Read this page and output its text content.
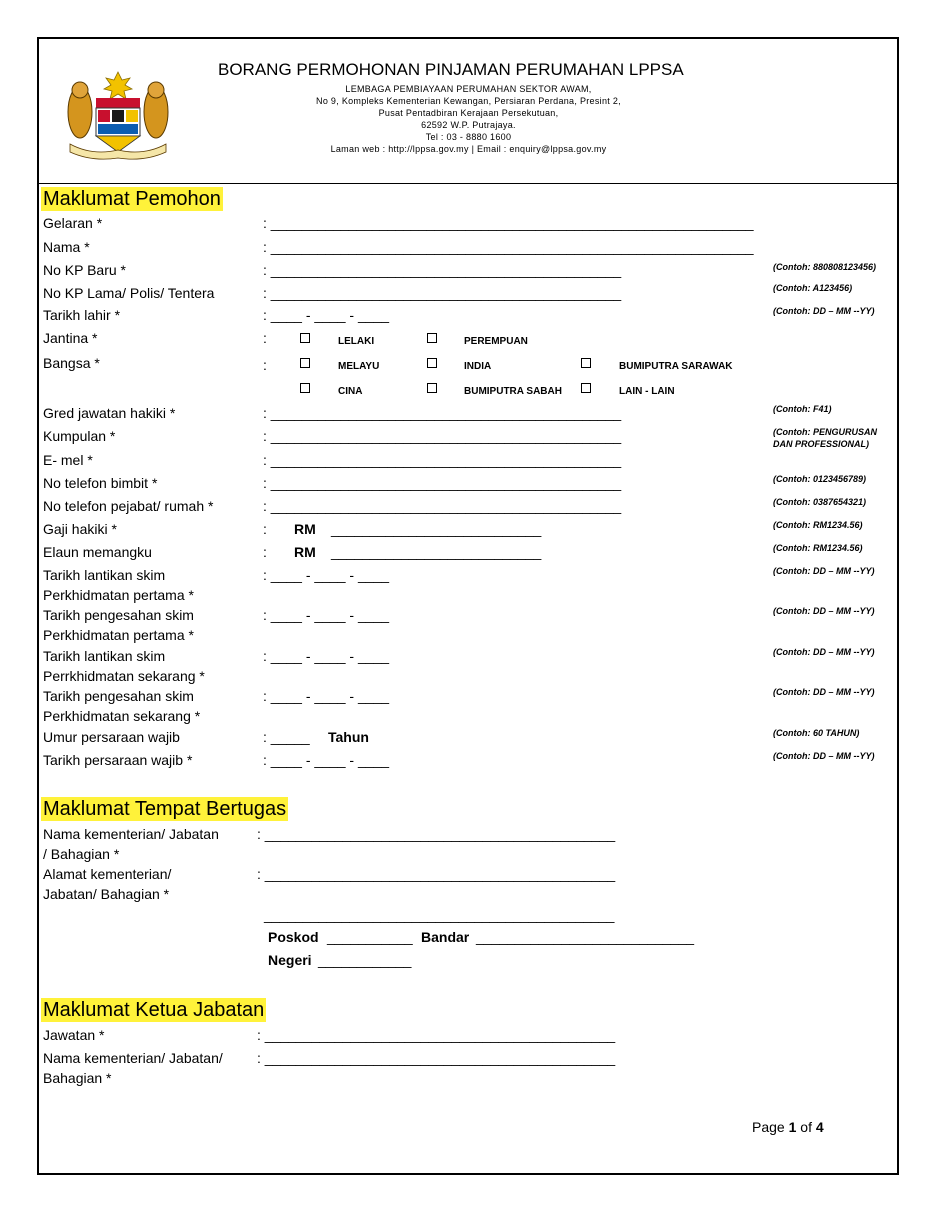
BORANG PERMOHONAN PINJAMAN PERUMAHAN LPPSA
LEMBAGA PEMBIAYAAN PERUMAHAN SEKTOR AWAM,
No 9, Kompleks Kementerian Kewangan, Persiaran Perdana, Presint 2,
Pusat Pentadbiran Kerajaan Persekutuan,
62592 W.P. Putrajaya.
Tel : 03 - 8880 1600
Laman web : http://lppsa.gov.my | Email : enquiry@lppsa.gov.my
Maklumat Pemohon
Gelaran *	: ______________________________________________________________
Nama *	: ______________________________________________________________
No KP Baru *	: _____________________________________________	(Contoh: 880808123456)
No KP Lama/ Polis/ Tentera	: _____________________________________________	(Contoh: A123456)
Tarikh lahir *	: ____ - ____ - ____	(Contoh: DD – MM --YY)
Jantina *	:	LELAKI	PEREMPUAN
Bangsa *	:	MELAYU	INDIA	BUMIPUTRA SARAWAK
CINA	BUMIPUTRA SABAH	LAIN - LAIN
Gred jawatan hakiki *	: _____________________________________________	(Contoh: F41)
Kumpulan *	: _____________________________________________	(Contoh: PENGURUSAN
DAN PROFESSIONAL)
E- mel *	: _____________________________________________
No telefon bimbit *	: _____________________________________________	(Contoh: 0123456789)
No telefon pejabat/ rumah *	: _____________________________________________	(Contoh: 0387654321)
Gaji hakiki *	: RM ___________________________	(Contoh: RM1234.56)
Elaun memangku	: RM ___________________________	(Contoh: RM1234.56)
Tarikh lantikan skim
Perkhidmatan pertama *
: ____ - ____ - ____	(Contoh: DD – MM --YY)
Tarikh pengesahan skim
Perkhidmatan pertama *
: ____ - ____ - ____	(Contoh: DD – MM --YY)
Tarikh lantikan skim
Perrkhidmatan sekarang *
: ____ - ____ - ____	(Contoh: DD – MM --YY)
Tarikh pengesahan skim
Perkhidmatan sekarang *
: ____ - ____ - ____	(Contoh: DD – MM --YY)
Umur persaraan wajib	: _____ Tahun	(Contoh: 60 TAHUN)
Tarikh persaraan wajib *	: ____ - ____ - ____	(Contoh: DD – MM --YY)
Maklumat Tempat Bertugas
Nama kementerian/ Jabatan
/ Bahagian *
: _____________________________________________
Alamat kementerian/
Jabatan/ Bahagian *
: _____________________________________________
_____________________________________________
Poskod ___________ Bandar ____________________________
Negeri ____________
Maklumat Ketua Jabatan
Jawatan *	: _____________________________________________
Nama kementerian/ Jabatan/
Bahagian *
: _____________________________________________
Page 1 of 4
